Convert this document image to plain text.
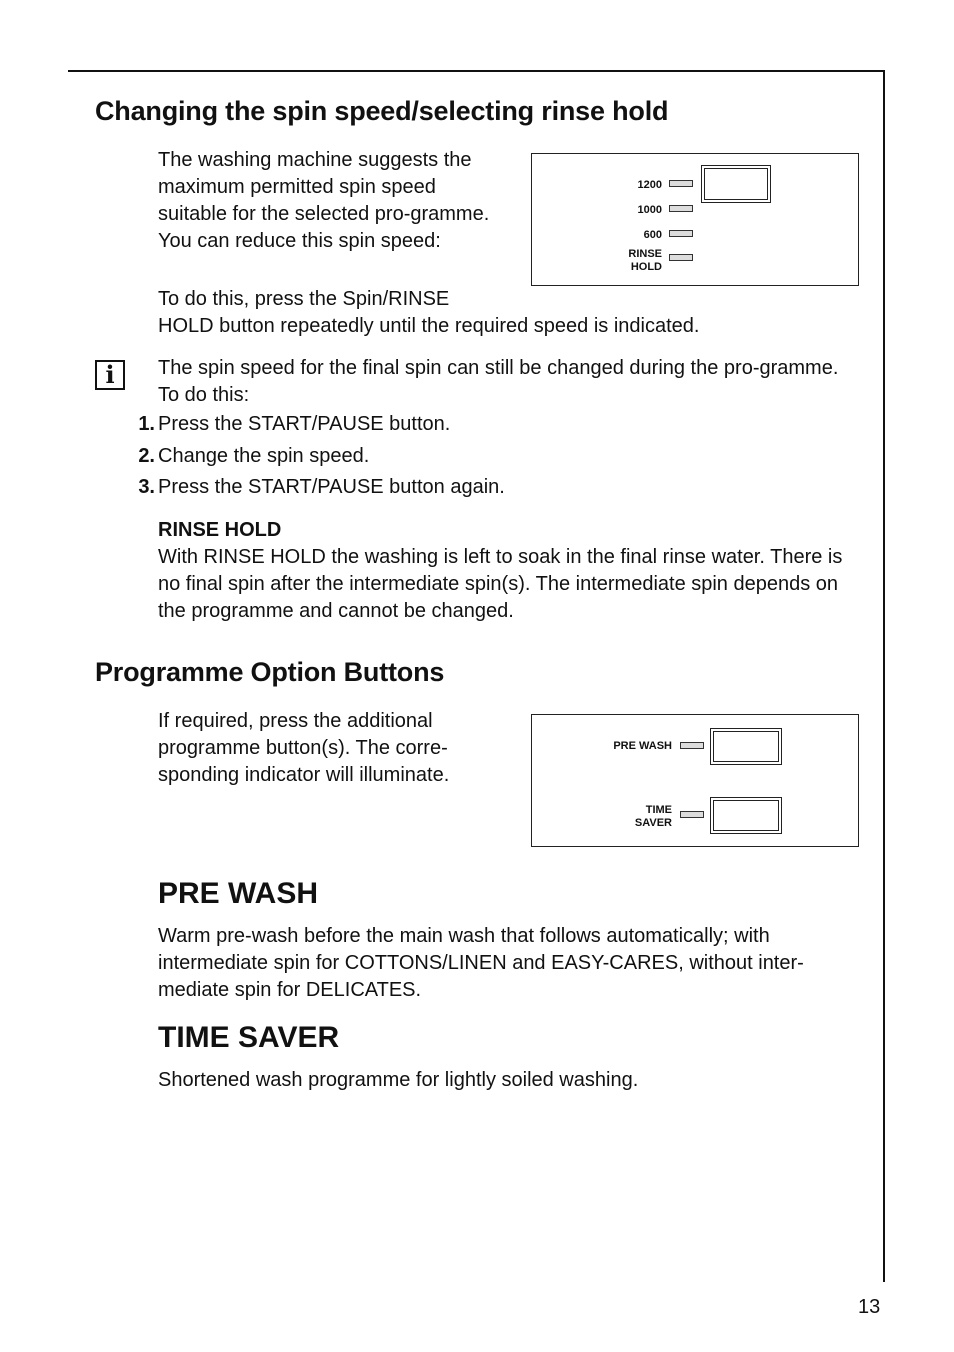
Changing the spin speed/selecting rinse hold

The washing machine suggests the maximum permitted spin speed suitable for the selected pro-gramme. You can reduce this spin speed:

To do this, press the Spin/RINSE

HOLD button repeatedly until the required speed is indicated.

1200
1000
600
RINSE
HOLD
i	The spin speed for the final spin can still be changed during the pro-gramme. To do this:

1. Press the START/PAUSE button.
2. Change the spin speed.
3. Press the START/PAUSE button again.

RINSE HOLD

With RINSE HOLD the washing is left to soak in the final rinse water. There is no final spin after the intermediate spin(s). The intermediate spin depends on the programme and cannot be changed.

Programme Option Buttons

If required, press the additional programme button(s). The corre-sponding indicator will illuminate.

PRE WASH
TIME
SAVER

PRE WASH

Warm pre-wash before the main wash that follows automatically; with intermediate spin for COTTONS/LINEN and EASY-CARES, without inter-mediate spin for DELICATES.

TIME SAVER

Shortened wash programme for lightly soiled washing.

13
